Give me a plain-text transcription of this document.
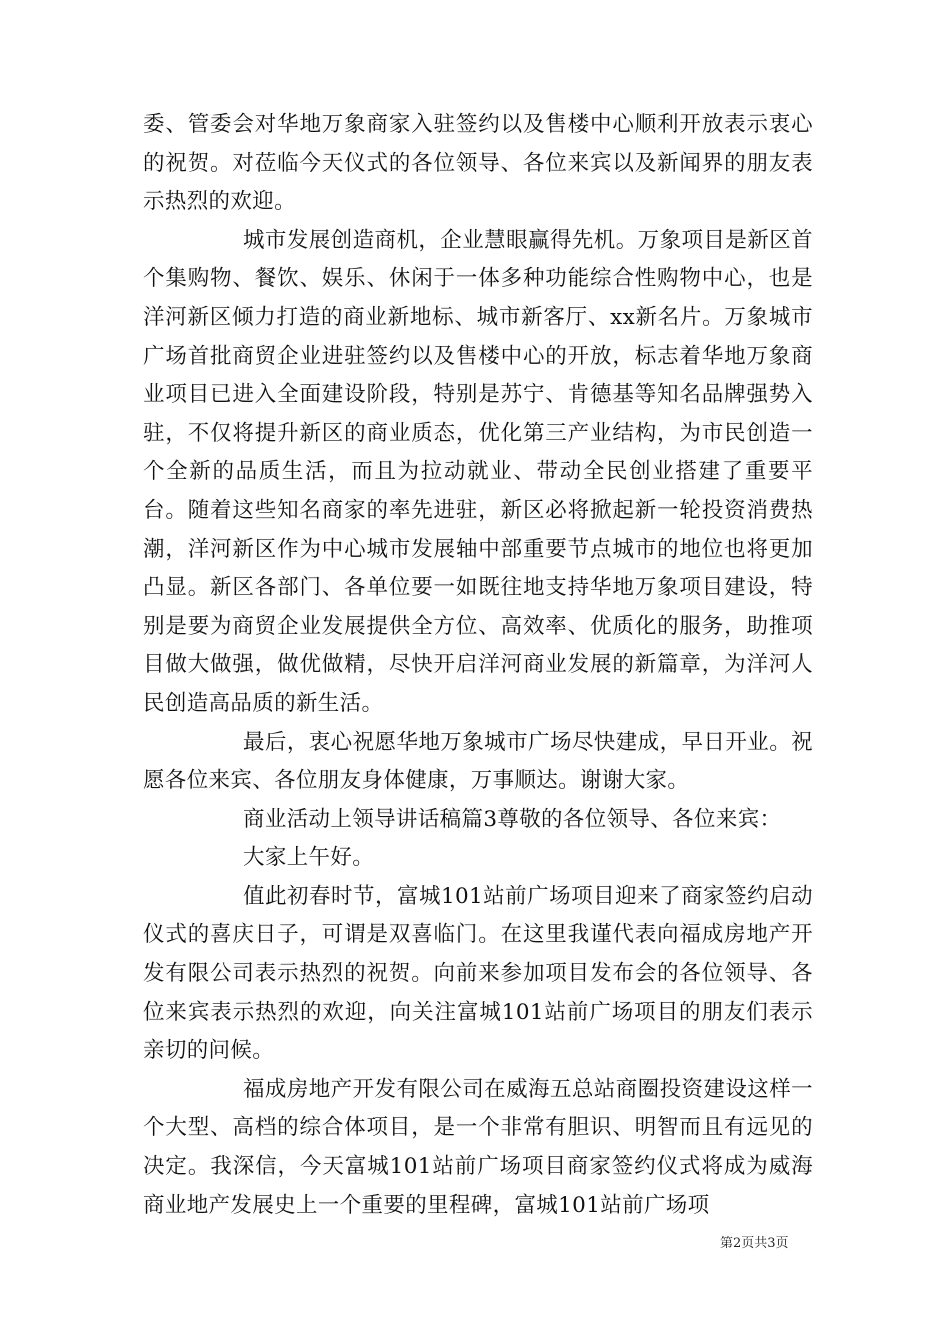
委、管委会对华地万象商家入驻签约以及售楼中心顺利开放表示衷心的祝贺。对莅临今天仪式的各位领导、各位来宾以及新闻界的朋友表示热烈的欢迎。

城市发展创造商机，企业慧眼赢得先机。万象项目是新区首个集购物、餐饮、娱乐、休闲于一体多种功能综合性购物中心，也是洋河新区倾力打造的商业新地标、城市新客厅、xx新名片。万象城市广场首批商贸企业进驻签约以及售楼中心的开放，标志着华地万象商业项目已进入全面建设阶段，特别是苏宁、肯德基等知名品牌强势入驻，不仅将提升新区的商业质态，优化第三产业结构，为市民创造一个全新的品质生活，而且为拉动就业、带动全民创业搭建了重要平台。随着这些知名商家的率先进驻，新区必将掀起新一轮投资消费热潮，洋河新区作为中心城市发展轴中部重要节点城市的地位也将更加凸显。新区各部门、各单位要一如既往地支持华地万象项目建设，特别是要为商贸企业发展提供全方位、高效率、优质化的服务，助推项目做大做强，做优做精，尽快开启洋河商业发展的新篇章，为洋河人民创造高品质的新生活。

最后，衷心祝愿华地万象城市广场尽快建成，早日开业。祝愿各位来宾、各位朋友身体健康，万事顺达。谢谢大家。

商业活动上领导讲话稿篇3尊敬的各位领导、各位来宾：

大家上午好。

值此初春时节，富城101站前广场项目迎来了商家签约启动仪式的喜庆日子，可谓是双喜临门。在这里我谨代表向福成房地产开发有限公司表示热烈的祝贺。向前来参加项目发布会的各位领导、各位来宾表示热烈的欢迎，向关注富城101站前广场项目的朋友们表示亲切的问候。

福成房地产开发有限公司在威海五总站商圈投资建设这样一个大型、高档的综合体项目，是一个非常有胆识、明智而且有远见的决定。我深信，今天富城101站前广场项目商家签约仪式将成为威海商业地产发展史上一个重要的里程碑，富城101站前广场项

第2页共3页
